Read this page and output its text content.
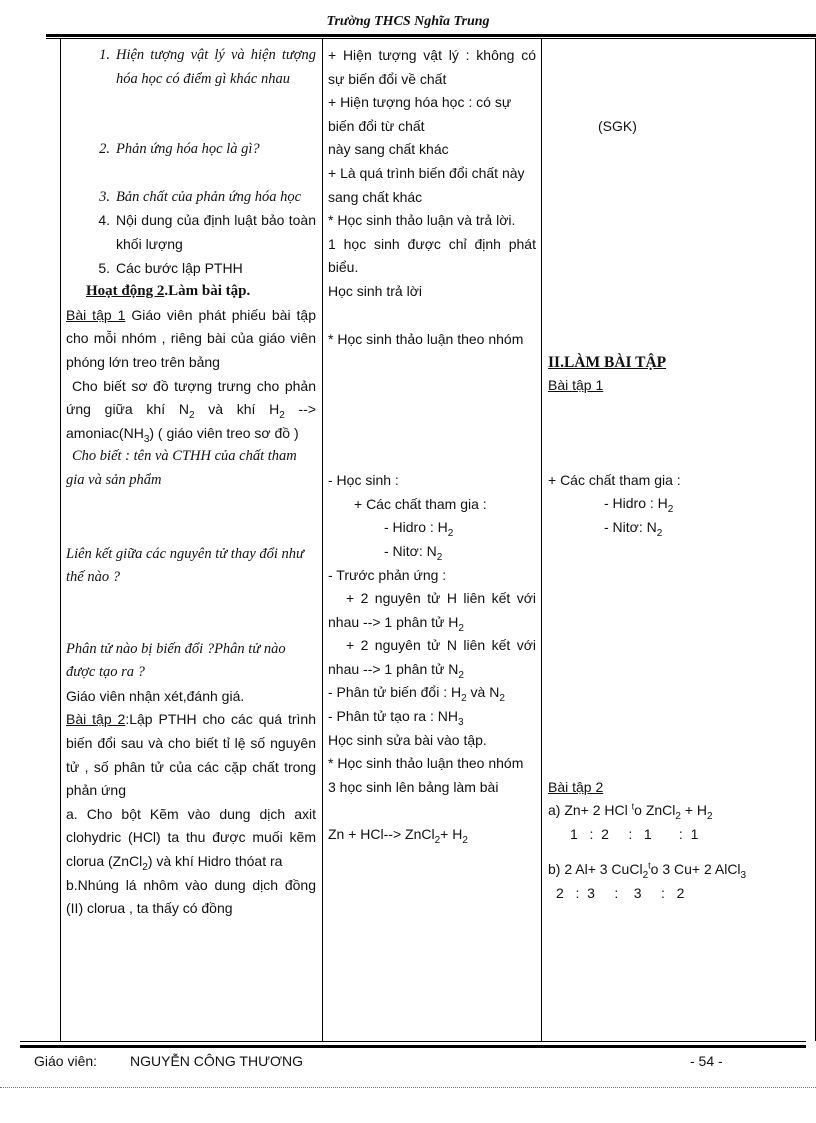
Trường THCS Nghĩa Trung
1. Hiện tượng vật lý và hiện tượng hóa học có điểm gì khác nhau
2. Phản ứng hóa học là gì?
3. Bản chất của phản ứng hóa học
4. Nội dung của định luật bảo toàn khối lượng
5. Các bước lập PTHH
Hoạt động 2.Làm bài tập.
Bài tập 1 Giáo viên phát phiếu bài tập cho mỗi nhóm , riêng bài của giáo viên phóng lớn treo trên bảng
Cho biết sơ đồ tượng trưng cho phản ứng giữa khí $N_2$ và khí $H_2$ --> $amoniac(NH_3)$ ( giáo viên treo sơ đồ )
Cho biết : tên và CTHH của chất tham gia và sản phẩm
Liên kết giữa các nguyên tử thay đổi như thế nào ?
Phân tử nào bị biến đổi ?Phân tử nào được tạo ra ?
Giáo viên nhận xét,đánh giá.
Bài tập 2:Lập PTHH cho các quá trình biến đổi sau và cho biết tỉ lệ số nguyên tử , số phân tử của các cặp chất trong phản ứng
a. Cho bột Kẽm vào dung dịch axit clohydric (HCl) ta thu được muối kẽm clorua (ZnCl$_2$) và khí Hidro thóat ra
b.Nhúng lá nhôm vào dung dịch đồng (II) clorua , ta thấy có đồng
+ Hiện tượng vật lý : không có sự biến đổi về chất
+ Hiện tượng hóa học : có sự biến đổi từ chất
này sang chất khác
+ Là quá trình biến đổi chất này sang chất khác
* Học sinh thảo luận và trả lời.
1 học sinh được chỉ định phát biểu.
Học sinh trả lời
* Học sinh thảo luận theo nhóm
- Học sinh :
+ Các chất tham gia :
- Hidro : $H_2$
- Nitơ: $N_2$
- Trước phản ứng :
+ 2 nguyên tử H liên kết với nhau --> 1 phân tử $H_2$
+ 2 nguyên tử N liên kết với nhau --> 1 phân tử $N_2$
- Phân tử biến đổi : $H_2$ và $N_2$
- Phân tử tạo ra : $NH_3$
Học sinh sửa bài vào tập.
* Học sinh thảo luận theo nhóm
3 học sinh lên bảng làm bài
Zn + HCl--> ZnCl$_2$+ $H_2$
(SGK)
II.LÀM BÀI TẬP
Bài tập 1
+ Các chất tham gia :
- Hidro : $H_2$
- Nitơ: $N_2$
Bài tập 2
a) Zn+ 2 HCl $^t$o ZnCl$_2$ + $H_2$
1   :  2     :   1       :  1
b) 2 Al+ 3 CuCl$_2^t$o 3 Cu+ 2 AlCl$_3$
2   :  3     :    3     :   2
Giáo viên: NGUYỄN CÔNG THƯƠNG	- 54 -
